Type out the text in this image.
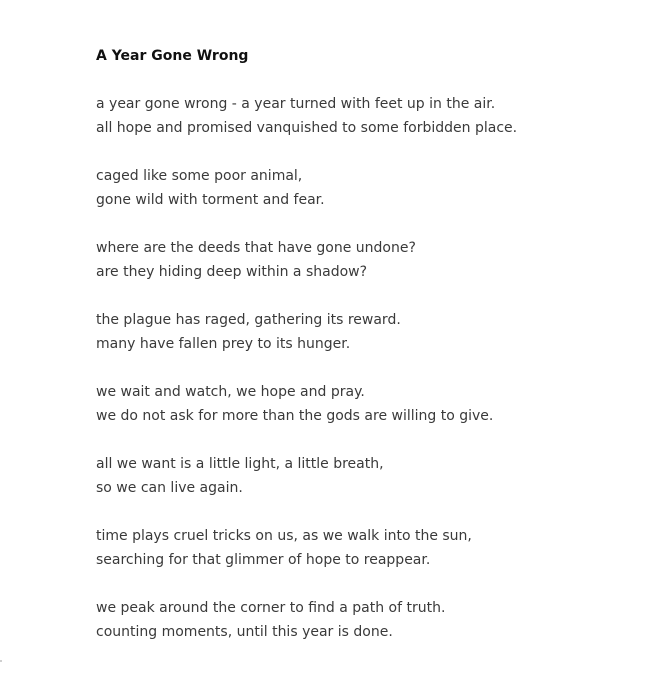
A Year Gone Wrong

a year gone wrong - a year turned with feet up in the air.
all hope and promised vanquished to some forbidden place.

caged like some poor animal,
gone wild with torment and fear.

where are the deeds that have gone undone?
are they hiding deep within a shadow?

the plague has raged, gathering its reward.
many have fallen prey to its hunger.

we wait and watch, we hope and pray.
we do not ask for more than the gods are willing to give.

all we want is a little light, a little breath,
so we can live again.

time plays cruel tricks on us, as we walk into the sun,
searching for that glimmer of hope to reappear.

we peak around the corner to find a path of truth.
counting moments, until this year is done.
